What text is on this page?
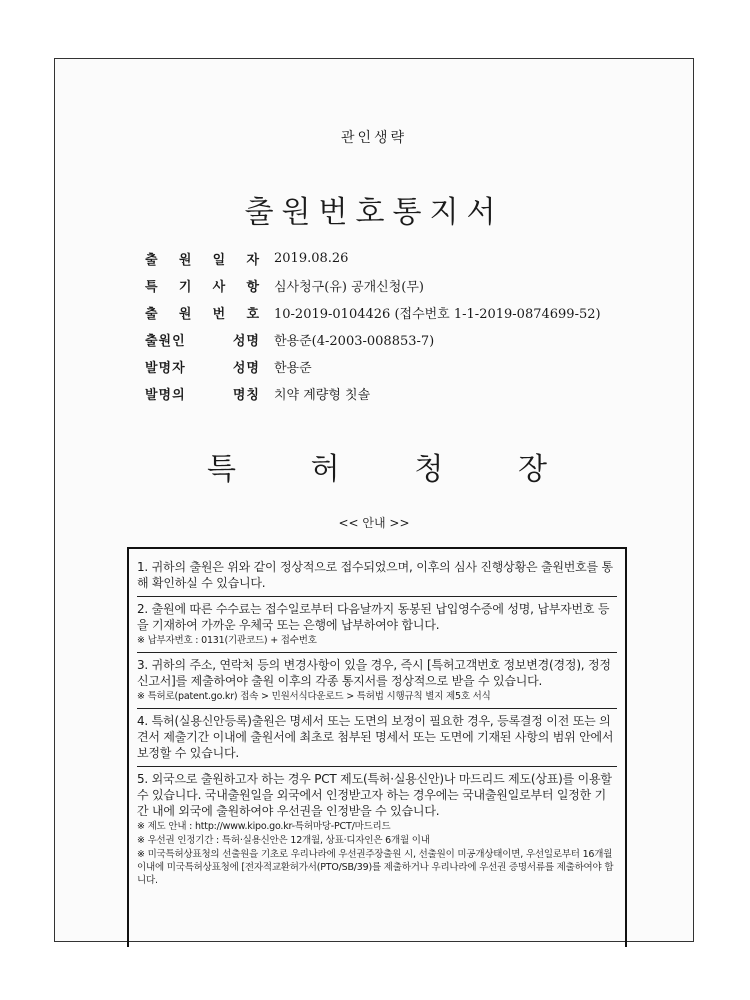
관인생략
출원번호통지서
출 원 일 자 2019.08.26
특 기 사 항 심사청구(유) 공개신청(무)
출 원 번 호 10-2019-0104426 (접수번호 1-1-2019-0874699-52)
출원인 성명 한용준(4-2003-008853-7)
발명자 성명 한용준
발명의 명칭 치약 계량형 칫솔
특 허 청 장
<< 안내 >>
1. 귀하의 출원은 위와 같이 정상적으로 접수되었으며, 이후의 심사 진행상황은 출원번호를 통해 확인하실 수 있습니다.
2. 출원에 따른 수수료는 접수일로부터 다음날까지 동봉된 납입영수증에 성명, 납부자번호 등을 기재하여 가까운 우체국 또는 은행에 납부하여야 합니다.
※ 납부자번호 : 0131(기관코드) + 접수번호
3. 귀하의 주소, 연락처 등의 변경사항이 있을 경우, 즉시 [특허고객번호 정보변경(경정), 정정신고서]를 제출하여야 출원 이후의 각종 통지서를 정상적으로 받을 수 있습니다.
※ 특허로(patent.go.kr) 접속 > 민원서식다운로드 > 특허법 시행규칙 별지 제5호 서식
4. 특허(실용신안등록)출원은 명세서 또는 도면의 보정이 필요한 경우, 등록결정 이전 또는 의견서 제출기간 이내에 출원서에 최초로 첨부된 명세서 또는 도면에 기재된 사항의 범위 안에서 보정할 수 있습니다.
5. 외국으로 출원하고자 하는 경우 PCT 제도(특허·실용신안)나 마드리드 제도(상표)를 이용할 수 있습니다. 국내출원일을 외국에서 인정받고자 하는 경우에는 국내출원일로부터 일정한 기간 내에 외국에 출원하여야 우선권을 인정받을 수 있습니다.
※ 제도 안내 : http://www.kipo.go.kr-특허마당-PCT/마드리드
※ 우선권 인정기간 : 특허·실용신안은 12개월, 상표·디자인은 6개월 이내
※ 미국특허상표청의 선출원을 기초로 우리나라에 우선권주장출원 시, 선출원이 미공개상태이면, 우선일로부터 16개월 이내에 미국특허상표청에 [전자적교환허가서(PTO/SB/39)를 제출하거나 우리나라에 우선권 증명서류를 제출하여야 합니다.
